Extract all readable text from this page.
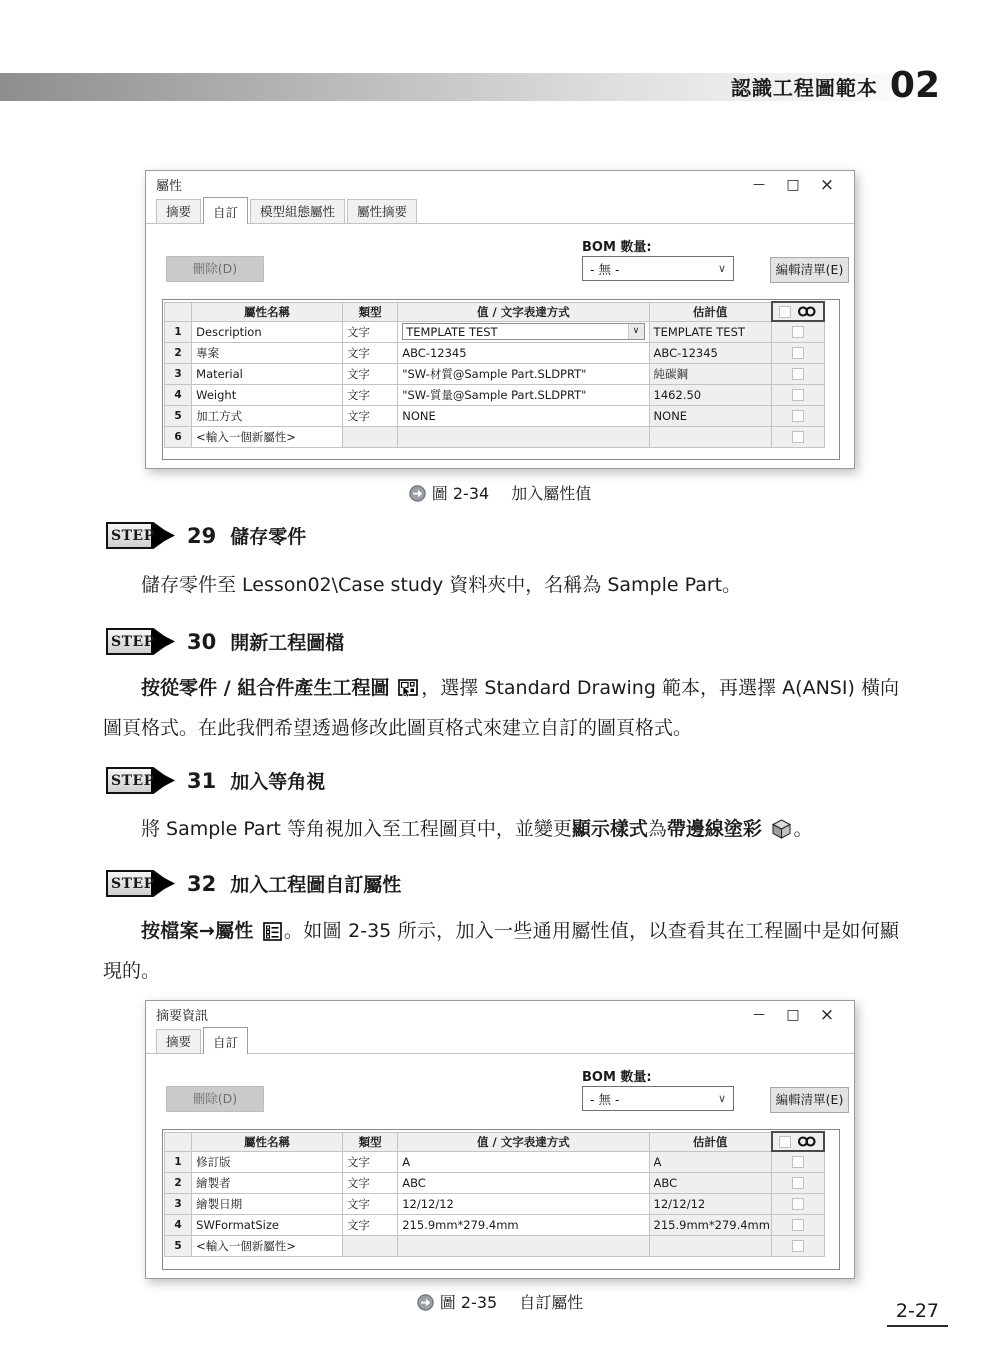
認識工程圖範本 02
屬性
—
□
×
摘要	自訂	模型組態屬性	屬性摘要
刪除(D)
BOM 數量:
- 無 -	∨	編輯清單(E)
	屬性名稱	類型	值 / 文字表達方式	估計值	

1	Description	文字	TEMPLATE TEST ∨	TEMPLATE TEST	
2	專案	文字	ABC-12345	ABC-12345	
3	Material	文字	"SW-材質@Sample Part.SLDPRT"	純碳鋼	
4	Weight	文字	"SW-質量@Sample Part.SLDPRT"	1462.50	
5	加工方式	文字	NONE	NONE	
6	<輸入一個新屬性>				
圖 2-34 加入屬性值
STEP 29 儲存零件
儲存零件至 Lesson02\Case study 資料夾中，名稱為 Sample Part。
STEP 30 開新工程圖檔
按從零件 / 組合件產生工程圖 ，選擇 Standard Drawing 範本，再選擇 A(ANSI) 橫向圖頁格式。在此我們希望透過修改此圖頁格式來建立自訂的圖頁格式。
STEP 31 加入等角視
將 Sample Part 等角視加入至工程圖頁中，並變更顯示樣式為帶邊線塗彩 。
STEP 32 加入工程圖自訂屬性
按檔案→屬性 。如圖 2-35 所示，加入一些通用屬性值，以查看其在工程圖中是如何顯現的。
摘要資訊
—
□
×
摘要	自訂
刪除(D)
BOM 數量:
- 無 -	∨	編輯清單(E)
	屬性名稱	類型	值 / 文字表達方式	估計值	

1	修訂版	文字	A	A	
2	繪製者	文字	ABC	ABC	
3	繪製日期	文字	12/12/12	12/12/12	
4	SWFormatSize	文字	215.9mm*279.4mm	215.9mm*279.4mm	
5	<輸入一個新屬性>				
圖 2-35 自訂屬性	2-27
